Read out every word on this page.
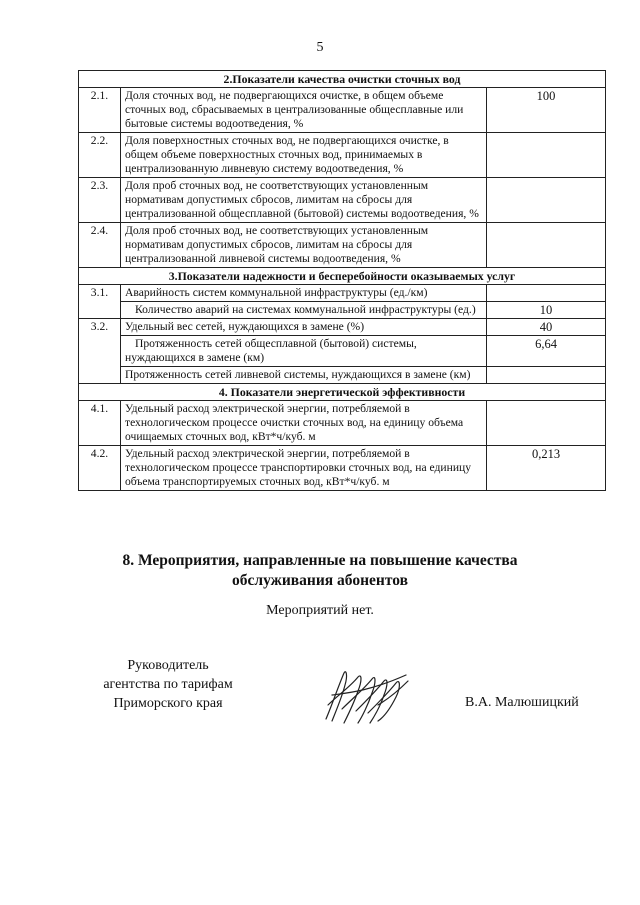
5
2.Показатели качества очистки сточных вод		
2.1.	Доля сточных вод, не подвергающихся очистке, в общем объеме сточных вод, сбрасываемых в централизованные общесплавные или бытовые системы водоотведения, %	100
2.2.	Доля поверхностных сточных вод, не подвергающихся очистке, в общем объеме поверхностных сточных вод, принимаемых в централизованную ливневую систему водоотведения, %	
2.3.	Доля проб сточных вод, не соответствующих установленным нормативам допустимых сбросов, лимитам на сбросы для централизованной общесплавной (бытовой) системы водоотведения, %	
2.4.	Доля проб сточных вод, не соответствующих установленным нормативам допустимых сбросов, лимитам на сбросы для централизованной ливневой системы водоотведения, %	
3.Показатели надежности и бесперебойности оказываемых услуг		
3.1.	Аварийность систем коммунальной инфраструктуры (ед./км)	
	Количество аварий на системах коммунальной инфраструктуры (ед.)	10
3.2.	Удельный вес сетей, нуждающихся в замене (%)	40
	Протяженность сетей общесплавной (бытовой) системы, нуждающихся в замене (км)	6,64
	Протяженность сетей ливневой системы, нуждающихся в замене (км)	
4. Показатели энергетической эффективности		
4.1.	Удельный расход электрической энергии, потребляемой в технологическом процессе очистки сточных вод, на единицу объема очищаемых сточных вод, кВт*ч/куб. м	
4.2.	Удельный расход электрической энергии, потребляемой в технологическом процессе транспортировки сточных вод, на единицу объема транспортируемых сточных вод, кВт*ч/куб. м	0,213
8. Мероприятия, направленные на повышение качества
обслуживания абонентов
Мероприятий нет.
Руководитель
агентства по тарифам
Приморского края	В.А. Малюшицкий
